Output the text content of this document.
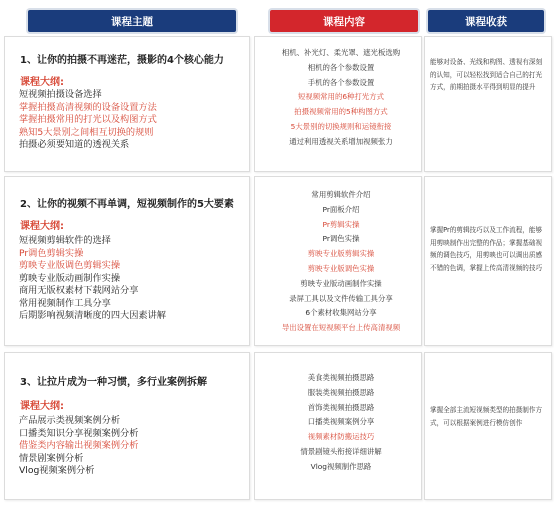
课程主题	课程内容	课程收获
1、让你的拍摄不再迷茫，摄影的4个核心能力
课程大纲:
短视频拍摄设备选择
掌握拍摄高清视频的设备设置方法
掌握拍摄常用的打光以及构图方式
熟知5大景别之间相互切换的规则
拍摄必须要知道的透视关系
相机、补光灯、柔光罩、遮光板选购
相机的各个参数设置
手机的各个参数设置
短视频常用的6种打光方式
拍摄视频常用的5种构图方式
5大景别的切换规则和运镜衔接
通过利用透视关系增加视频张力
能够对设备、光线和构图、透视有深刻的认知，可以轻松找到适合自己的打光方式，前期拍摄水平得到明显的提升
2、让你的视频不再单调，短视频制作的5大要素
课程大纲:
短视频剪辑软件的选择
Pr调色剪辑实操
剪映专业版调色剪辑实操
剪映专业版动画制作实操
商用无版权素材下载网站分享
常用视频制作工具分享
后期影响视频清晰度的四大因素讲解
常用剪辑软件介绍
Pr面板介绍
Pr剪辑实操
Pr调色实操
剪映专业版剪辑实操
剪映专业版调色实操
剪映专业版动画制作实操
录屏工具以及文件传输工具分享
6个素材收集网站分享
导出设置在短视频平台上传高清视频
掌握Pr的剪辑技巧以及工作流程，能够用剪映制作出完整的作品；掌握基础视频的调色技巧，用剪映也可以调出质感不错的色调，掌握上传高清视频的技巧
3、让拉片成为一种习惯，多行业案例拆解
课程大纲:
产品展示类视频案例分析
口播类知识分享视频案例分析
借鉴类内容输出视频案例分析
情景剧案例分析
Vlog视频案例分析
美食类视频拍摄思路
服装类视频拍摄思路
首饰类视频拍摄思路
口播类视频案例分享
视频素材防搬运技巧
情景剧镜头衔接详细讲解
Vlog视频制作思路
掌握全部主流短视频类型的拍摄制作方式，可以根据案例进行模仿创作
